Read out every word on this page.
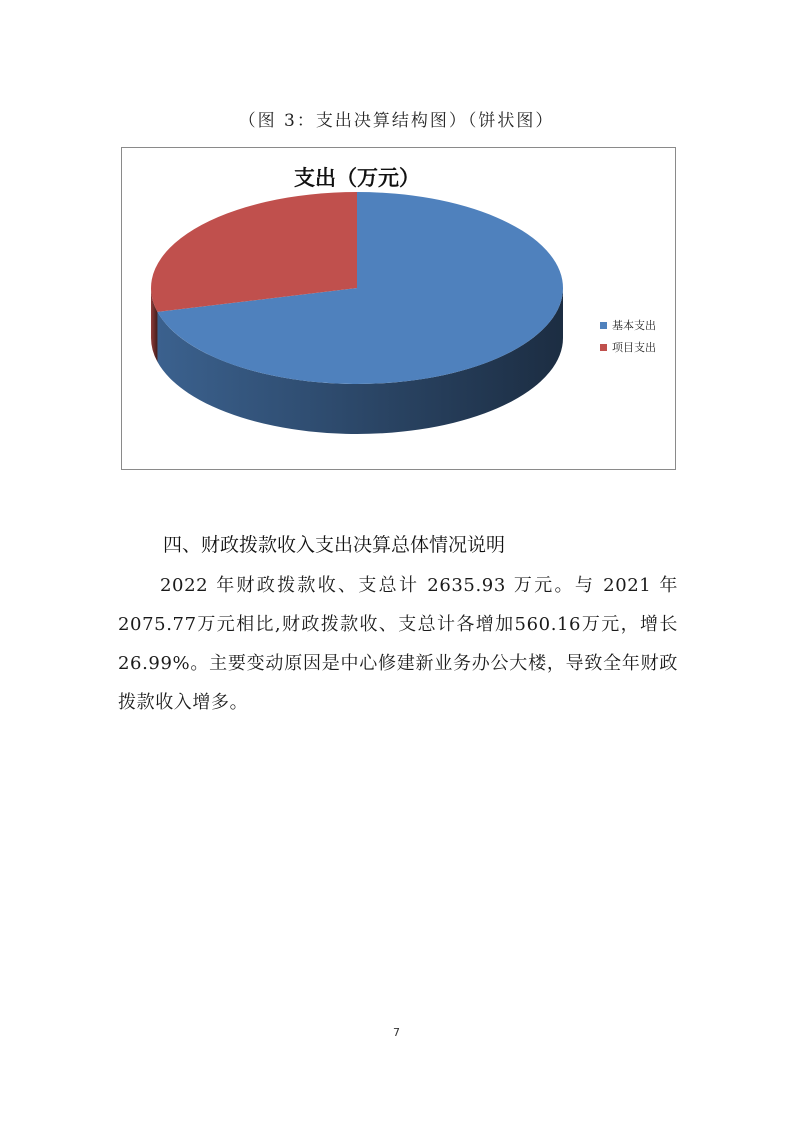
（图 3：支出决算结构图）（饼状图）
支出（万元）
基本支出
项目支出
四、财政拨款收入支出决算总体情况说明
2022 年财政拨款收、支总计 2635.93 万元。与 2021 年 2075.77万元相比,财政拨款收、支总计各增加560.16万元，增长 26.99%。主要变动原因是中心修建新业务办公大楼，导致全年财政拨款收入增多。
7
